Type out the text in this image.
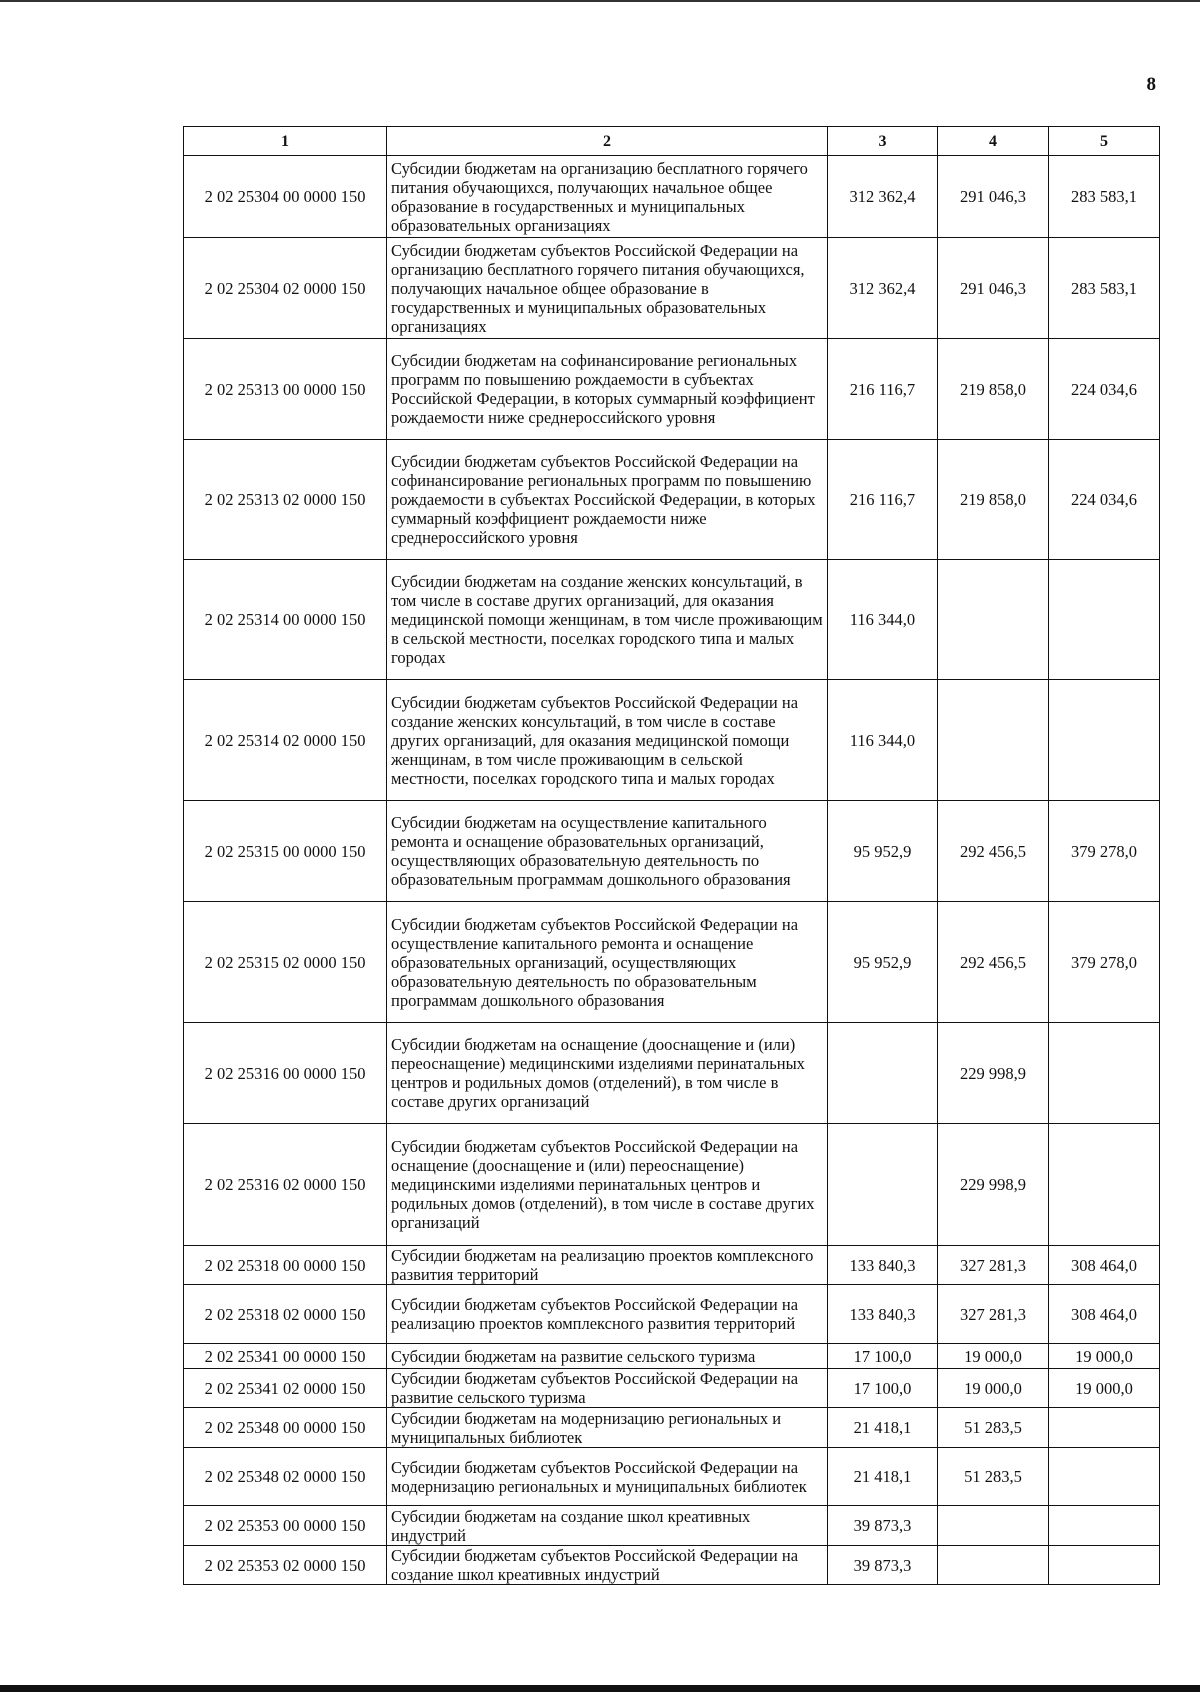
8
1	2	3	4	5
2 02 25304 00 0000 150	Субсидии бюджетам на организацию бесплатного горячего питания обучающихся, получающих начальное общее образование в государственных и муниципальных образовательных организациях	312 362,4	291 046,3	283 583,1
2 02 25304 02 0000 150	Субсидии бюджетам субъектов Российской Федерации на организацию бесплатного горячего питания обучающихся, получающих начальное общее образование в государственных и муниципальных образовательных организациях	312 362,4	291 046,3	283 583,1
2 02 25313 00 0000 150	Субсидии бюджетам на софинансирование региональных программ по повышению рождаемости в субъектах Российской Федерации, в которых суммарный коэффициент рождаемости ниже среднероссийского уровня	216 116,7	219 858,0	224 034,6
2 02 25313 02 0000 150	Субсидии бюджетам субъектов Российской Федерации на софинансирование региональных программ по повышению рождаемости в субъектах Российской Федерации, в которых суммарный коэффициент рождаемости ниже среднероссийского уровня	216 116,7	219 858,0	224 034,6
2 02 25314 00 0000 150	Субсидии бюджетам на создание женских консультаций, в том числе в составе других организаций, для оказания медицинской помощи женщинам, в том числе проживающим в сельской местности, поселках городского типа и малых городах	116 344,0		
2 02 25314 02 0000 150	Субсидии бюджетам субъектов Российской Федерации на создание женских консультаций, в том числе в составе других организаций, для оказания медицинской помощи женщинам, в том числе проживающим в сельской местности, поселках городского типа и малых городах	116 344,0		
2 02 25315 00 0000 150	Субсидии бюджетам на осуществление капитального ремонта и оснащение образовательных организаций, осуществляющих образовательную деятельность по образовательным программам дошкольного образования	95 952,9	292 456,5	379 278,0
2 02 25315 02 0000 150	Субсидии бюджетам субъектов Российской Федерации на осуществление капитального ремонта и оснащение образовательных организаций, осуществляющих образовательную деятельность по образовательным программам дошкольного образования	95 952,9	292 456,5	379 278,0
2 02 25316 00 0000 150	Субсидии бюджетам на оснащение (дооснащение и (или) переоснащение) медицинскими изделиями перинатальных центров и родильных домов (отделений), в том числе в составе других организаций		229 998,9	
2 02 25316 02 0000 150	Субсидии бюджетам субъектов Российской Федерации на оснащение (дооснащение и (или) переоснащение) медицинскими изделиями перинатальных центров и родильных домов (отделений), в том числе в составе других организаций		229 998,9	
2 02 25318 00 0000 150	Субсидии бюджетам на реализацию проектов комплексного развития территорий	133 840,3	327 281,3	308 464,0
2 02 25318 02 0000 150	Субсидии бюджетам субъектов Российской Федерации на реализацию проектов комплексного развития территорий	133 840,3	327 281,3	308 464,0
2 02 25341 00 0000 150	Субсидии бюджетам на развитие сельского туризма	17 100,0	19 000,0	19 000,0
2 02 25341 02 0000 150	Субсидии бюджетам субъектов Российской Федерации на развитие сельского туризма	17 100,0	19 000,0	19 000,0
2 02 25348 00 0000 150	Субсидии бюджетам на модернизацию региональных и муниципальных библиотек	21 418,1	51 283,5	
2 02 25348 02 0000 150	Субсидии бюджетам субъектов Российской Федерации на модернизацию региональных и муниципальных библиотек	21 418,1	51 283,5	
2 02 25353 00 0000 150	Субсидии бюджетам на создание школ креативных индустрий	39 873,3		
2 02 25353 02 0000 150	Субсидии бюджетам субъектов Российской Федерации на создание школ креативных индустрий	39 873,3		
